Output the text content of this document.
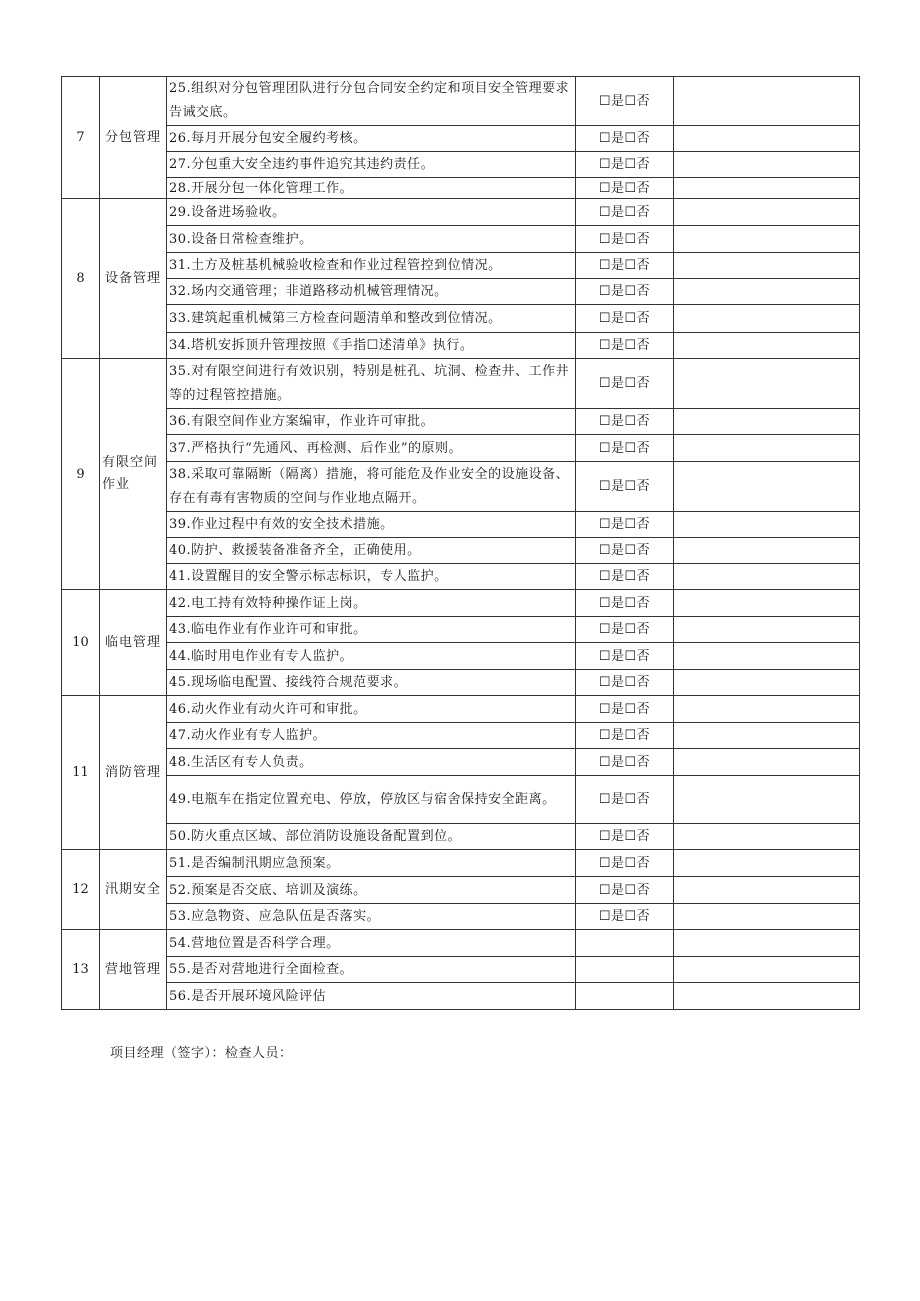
7	分包管理	25.组织对分包管理团队进行分包合同安全约定和项目安全管理要求告诫交底。	☐是☐否	
		26.每月开展分包安全履约考核。	☐是☐否	
		27.分包重大安全违约事件追究其违约责任。	☐是☐否	
		28.开展分包一体化管理工作。	☐是☐否	
8	设备管理	29.设备进场验收。	☐是☐否	
		30.设备日常检查维护。	☐是☐否	
		31.土方及桩基机械验收检查和作业过程管控到位情况。	☐是☐否	
		32.场内交通管理；非道路移动机械管理情况。	☐是☐否	
		33.建筑起重机械第三方检查问题清单和整改到位情况。	☐是☐否	
		34.塔机安拆顶升管理按照《手指☐述清单》执行。	☐是☐否	
9	有限空间作业	35.对有限空间进行有效识别，特别是桩孔、坑洞、检查井、工作井等的过程管控措施。	☐是☐否	
		36.有限空间作业方案编审，作业许可审批。	☐是☐否	
		37.严格执行“先通风、再检测、后作业”的原则。	☐是☐否	
		38.采取可靠隔断（隔离）措施，将可能危及作业安全的设施设备、存在有毒有害物质的空间与作业地点隔开。	☐是☐否	
		39.作业过程中有效的安全技术措施。	☐是☐否	
		40.防护、救援装备准备齐全，正确使用。	☐是☐否	
		41.设置醒目的安全警示标志标识，专人监护。	☐是☐否	
10	临电管理	42.电工持有效特种操作证上岗。	☐是☐否	
		43.临电作业有作业许可和审批。	☐是☐否	
		44.临时用电作业有专人监护。	☐是☐否	
		45.现场临电配置、接线符合规范要求。	☐是☐否	
11	消防管理	46.动火作业有动火许可和审批。	☐是☐否	
		47.动火作业有专人监护。	☐是☐否	
		48.生活区有专人负责。	☐是☐否	
		49.电瓶车在指定位置充电、停放，停放区与宿舍保持安全距离。	☐是☐否	
		50.防火重点区域、部位消防设施设备配置到位。	☐是☐否	
12	汛期安全	51.是否编制汛期应急预案。	☐是☐否	
		52.预案是否交底、培训及演练。	☐是☐否	
		53.应急物资、应急队伍是否落实。	☐是☐否	
13	营地管理	54.营地位置是否科学合理。		
		55.是否对营地进行全面检查。		
		56.是否开展环境风险评估		
项目经理（签字）：检查人员：
